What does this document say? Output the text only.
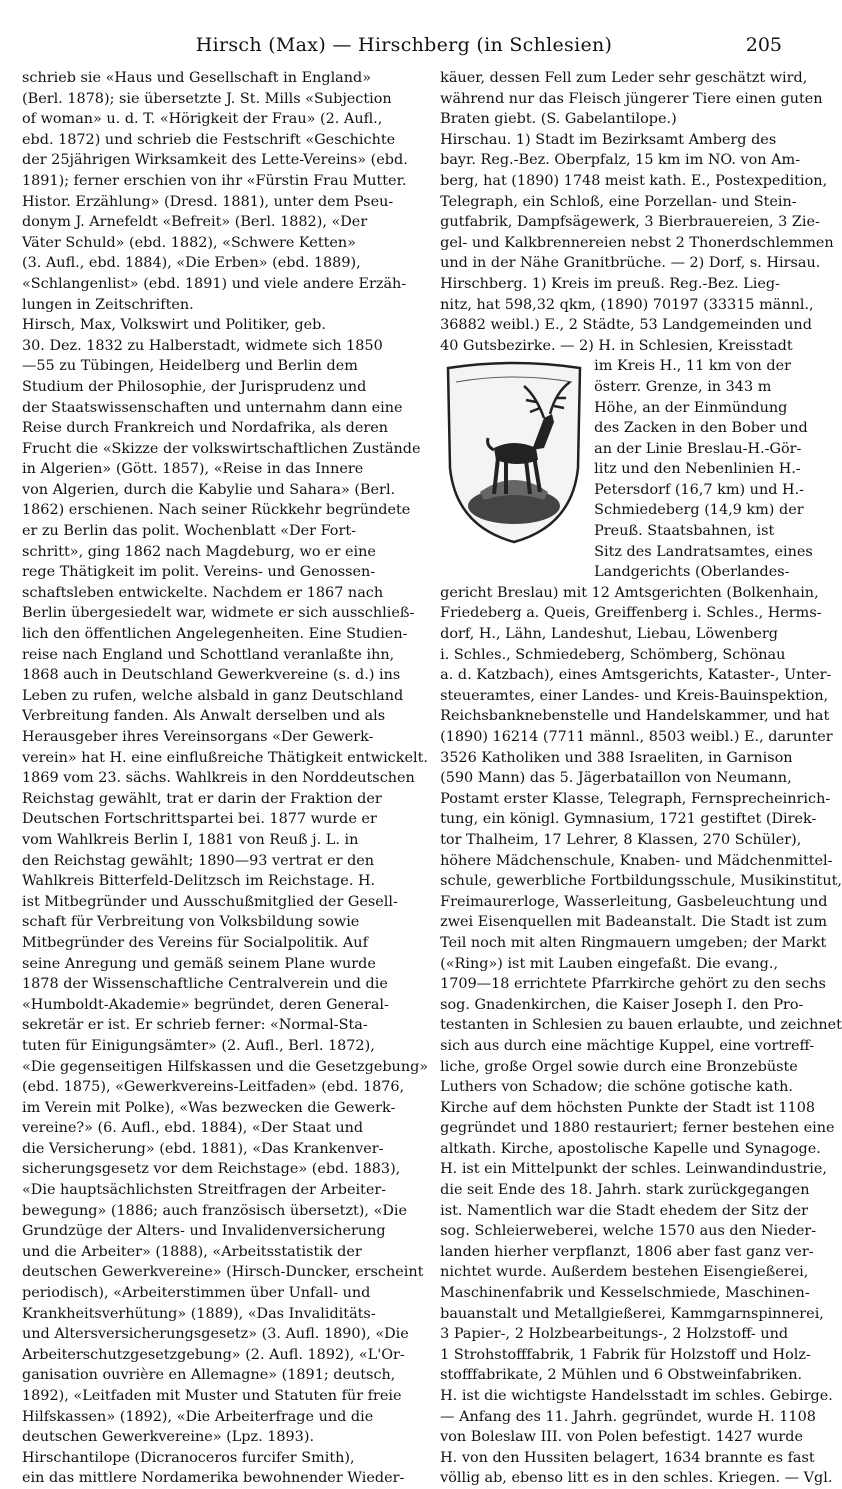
Hirsch (Max) — Hirschberg (in Schlesien)	205

schrieb sie «Haus und Gesellschaft in England»
(Berl. 1878); sie übersetzte J. St. Mills «Subjection
of woman» u. d. T. «Hörigkeit der Frau» (2. Aufl.,
ebd. 1872) und schrieb die Festschrift «Geschichte
der 25jährigen Wirksamkeit des Lette-Vereins» (ebd.
1891); ferner erschien von ihr «Fürstin Frau Mutter.
Histor. Erzählung» (Dresd. 1881), unter dem Pseu-
donym J. Arnefeldt «Befreit» (Berl. 1882), «Der
Väter Schuld» (ebd. 1882), «Schwere Ketten»
(3. Aufl., ebd. 1884), «Die Erben» (ebd. 1889),
«Schlangenlist» (ebd. 1891) und viele andere Erzäh-
lungen in Zeitschriften.
Hirsch, Max, Volkswirt und Politiker, geb.
30. Dez. 1832 zu Halberstadt, widmete sich 1850
—55 zu Tübingen, Heidelberg und Berlin dem
Studium der Philosophie, der Jurisprudenz und
der Staatswissenschaften und unternahm dann eine
Reise durch Frankreich und Nordafrika, als deren
Frucht die «Skizze der volkswirtschaftlichen Zustände
in Algerien» (Gött. 1857), «Reise in das Innere
von Algerien, durch die Kabylie und Sahara» (Berl.
1862) erschienen. Nach seiner Rückkehr begründete
er zu Berlin das polit. Wochenblatt «Der Fort-
schritt», ging 1862 nach Magdeburg, wo er eine
rege Thätigkeit im polit. Vereins- und Genossen-
schaftsleben entwickelte. Nachdem er 1867 nach
Berlin übergesiedelt war, widmete er sich ausschließ-
lich den öffentlichen Angelegenheiten. Eine Studien-
reise nach England und Schottland veranlaßte ihn,
1868 auch in Deutschland Gewerkvereine (s. d.) ins
Leben zu rufen, welche alsbald in ganz Deutschland
Verbreitung fanden. Als Anwalt derselben und als
Herausgeber ihres Vereinsorgans «Der Gewerk-
verein» hat H. eine einflußreiche Thätigkeit entwickelt.
1869 vom 23. sächs. Wahlkreis in den Norddeutschen
Reichstag gewählt, trat er darin der Fraktion der
Deutschen Fortschrittspartei bei. 1877 wurde er
vom Wahlkreis Berlin I, 1881 von Reuß j. L. in
den Reichstag gewählt; 1890—93 vertrat er den
Wahlkreis Bitterfeld-Delitzsch im Reichstage. H.
ist Mitbegründer und Ausschußmitglied der Gesell-
schaft für Verbreitung von Volksbildung sowie
Mitbegründer des Vereins für Socialpolitik. Auf
seine Anregung und gemäß seinem Plane wurde
1878 der Wissenschaftliche Centralverein und die
«Humboldt-Akademie» begründet, deren General-
sekretär er ist. Er schrieb ferner: «Normal-Sta-
tuten für Einigungsämter» (2. Aufl., Berl. 1872),
«Die gegenseitigen Hilfskassen und die Gesetzgebung»
(ebd. 1875), «Gewerkvereins-Leitfaden» (ebd. 1876,
im Verein mit Polke), «Was bezwecken die Gewerk-
vereine?» (6. Aufl., ebd. 1884), «Der Staat und
die Versicherung» (ebd. 1881), «Das Krankenver-
sicherungsgesetz vor dem Reichstage» (ebd. 1883),
«Die hauptsächlichsten Streitfragen der Arbeiter-
bewegung» (1886; auch französisch übersetzt), «Die
Grundzüge der Alters- und Invalidenversicherung
und die Arbeiter» (1888), «Arbeitsstatistik der
deutschen Gewerkvereine» (Hirsch-Duncker, erscheint
periodisch), «Arbeiterstimmen über Unfall- und
Krankheitsverhütung» (1889), «Das Invaliditäts-
und Altersversicherungsgesetz» (3. Aufl. 1890), «Die
Arbeiterschutzgesetzgebung» (2. Aufl. 1892), «L'Or-
ganisation ouvrière en Allemagne» (1891; deutsch,
1892), «Leitfaden mit Muster und Statuten für freie
Hilfskassen» (1892), «Die Arbeiterfrage und die
deutschen Gewerkvereine» (Lpz. 1893).
Hirschantilope (Dicranoceros furcifer Smith),
ein das mittlere Nordamerika bewohnender Wieder-

käuer, dessen Fell zum Leder sehr geschätzt wird,
während nur das Fleisch jüngerer Tiere einen guten
Braten giebt. (S. Gabelantilope.)
Hirschau. 1) Stadt im Bezirksamt Amberg des
bayr. Reg.-Bez. Oberpfalz, 15 km im NO. von Am-
berg, hat (1890) 1748 meist kath. E., Postexpedition,
Telegraph, ein Schloß, eine Porzellan- und Stein-
gutfabrik, Dampfsägewerk, 3 Bierbrauereien, 3 Zie-
gel- und Kalkbrennereien nebst 2 Thonerdschlemmen
und in der Nähe Granitbrüche. — 2) Dorf, s. Hirsau.
Hirschberg. 1) Kreis im preuß. Reg.-Bez. Lieg-
nitz, hat 598,32 qkm, (1890) 70197 (33315 männl.,
36882 weibl.) E., 2 Städte, 53 Landgemeinden und
40 Gutsbezirke. — 2) H. in Schlesien, Kreisstadt

im Kreis H., 11 km von der
österr. Grenze, in 343 m
Höhe, an der Einmündung
des Zacken in den Bober und
an der Linie Breslau-H.-Gör-
litz und den Nebenlinien H.-
Petersdorf (16,7 km) und H.-
Schmiedeberg (14,9 km) der
Preuß. Staatsbahnen, ist
Sitz des Landratsamtes, eines
Landgerichts (Oberlandes-

gericht Breslau) mit 12 Amtsgerichten (Bolkenhain,
Friedeberg a. Queis, Greiffenberg i. Schles., Herms-
dorf, H., Lähn, Landeshut, Liebau, Löwenberg
i. Schles., Schmiedeberg, Schömberg, Schönau
a. d. Katzbach), eines Amtsgerichts, Kataster-, Unter-
steueramtes, einer Landes- und Kreis-Bauinspektion,
Reichsbanknebenstelle und Handelskammer, und hat
(1890) 16214 (7711 männl., 8503 weibl.) E., darunter
3526 Katholiken und 388 Israeliten, in Garnison
(590 Mann) das 5. Jägerbataillon von Neumann,
Postamt erster Klasse, Telegraph, Fernsprecheinrich-
tung, ein königl. Gymnasium, 1721 gestiftet (Direk-
tor Thalheim, 17 Lehrer, 8 Klassen, 270 Schüler),
höhere Mädchenschule, Knaben- und Mädchenmittel-
schule, gewerbliche Fortbildungsschule, Musikinstitut,
Freimaurerloge, Wasserleitung, Gasbeleuchtung und
zwei Eisenquellen mit Badeanstalt. Die Stadt ist zum
Teil noch mit alten Ringmauern umgeben; der Markt
(«Ring») ist mit Lauben eingefaßt. Die evang.,
1709—18 errichtete Pfarrkirche gehört zu den sechs
sog. Gnadenkirchen, die Kaiser Joseph I. den Pro-
testanten in Schlesien zu bauen erlaubte, und zeichnet
sich aus durch eine mächtige Kuppel, eine vortreff-
liche, große Orgel sowie durch eine Bronzebüste
Luthers von Schadow; die schöne gotische kath.
Kirche auf dem höchsten Punkte der Stadt ist 1108
gegründet und 1880 restauriert; ferner bestehen eine
altkath. Kirche, apostolische Kapelle und Synagoge.
H. ist ein Mittelpunkt der schles. Leinwandindustrie,
die seit Ende des 18. Jahrh. stark zurückgegangen
ist. Namentlich war die Stadt ehedem der Sitz der
sog. Schleierweberei, welche 1570 aus den Nieder-
landen hierher verpflanzt, 1806 aber fast ganz ver-
nichtet wurde. Außerdem bestehen Eisengießerei,
Maschinenfabrik und Kesselschmiede, Maschinen-
bauanstalt und Metallgießerei, Kammgarnspinnerei,
3 Papier-, 2 Holzbearbeitungs-, 2 Holzstoff- und
1 Strohstofffabrik, 1 Fabrik für Holzstoff und Holz-
stofffabrikate, 2 Mühlen und 6 Obstweinfabriken.
H. ist die wichtigste Handelsstadt im schles. Gebirge.
— Anfang des 11. Jahrh. gegründet, wurde H. 1108
von Boleslaw III. von Polen befestigt. 1427 wurde
H. von den Hussiten belagert, 1634 brannte es fast
völlig ab, ebenso litt es in den schles. Kriegen. — Vgl.
